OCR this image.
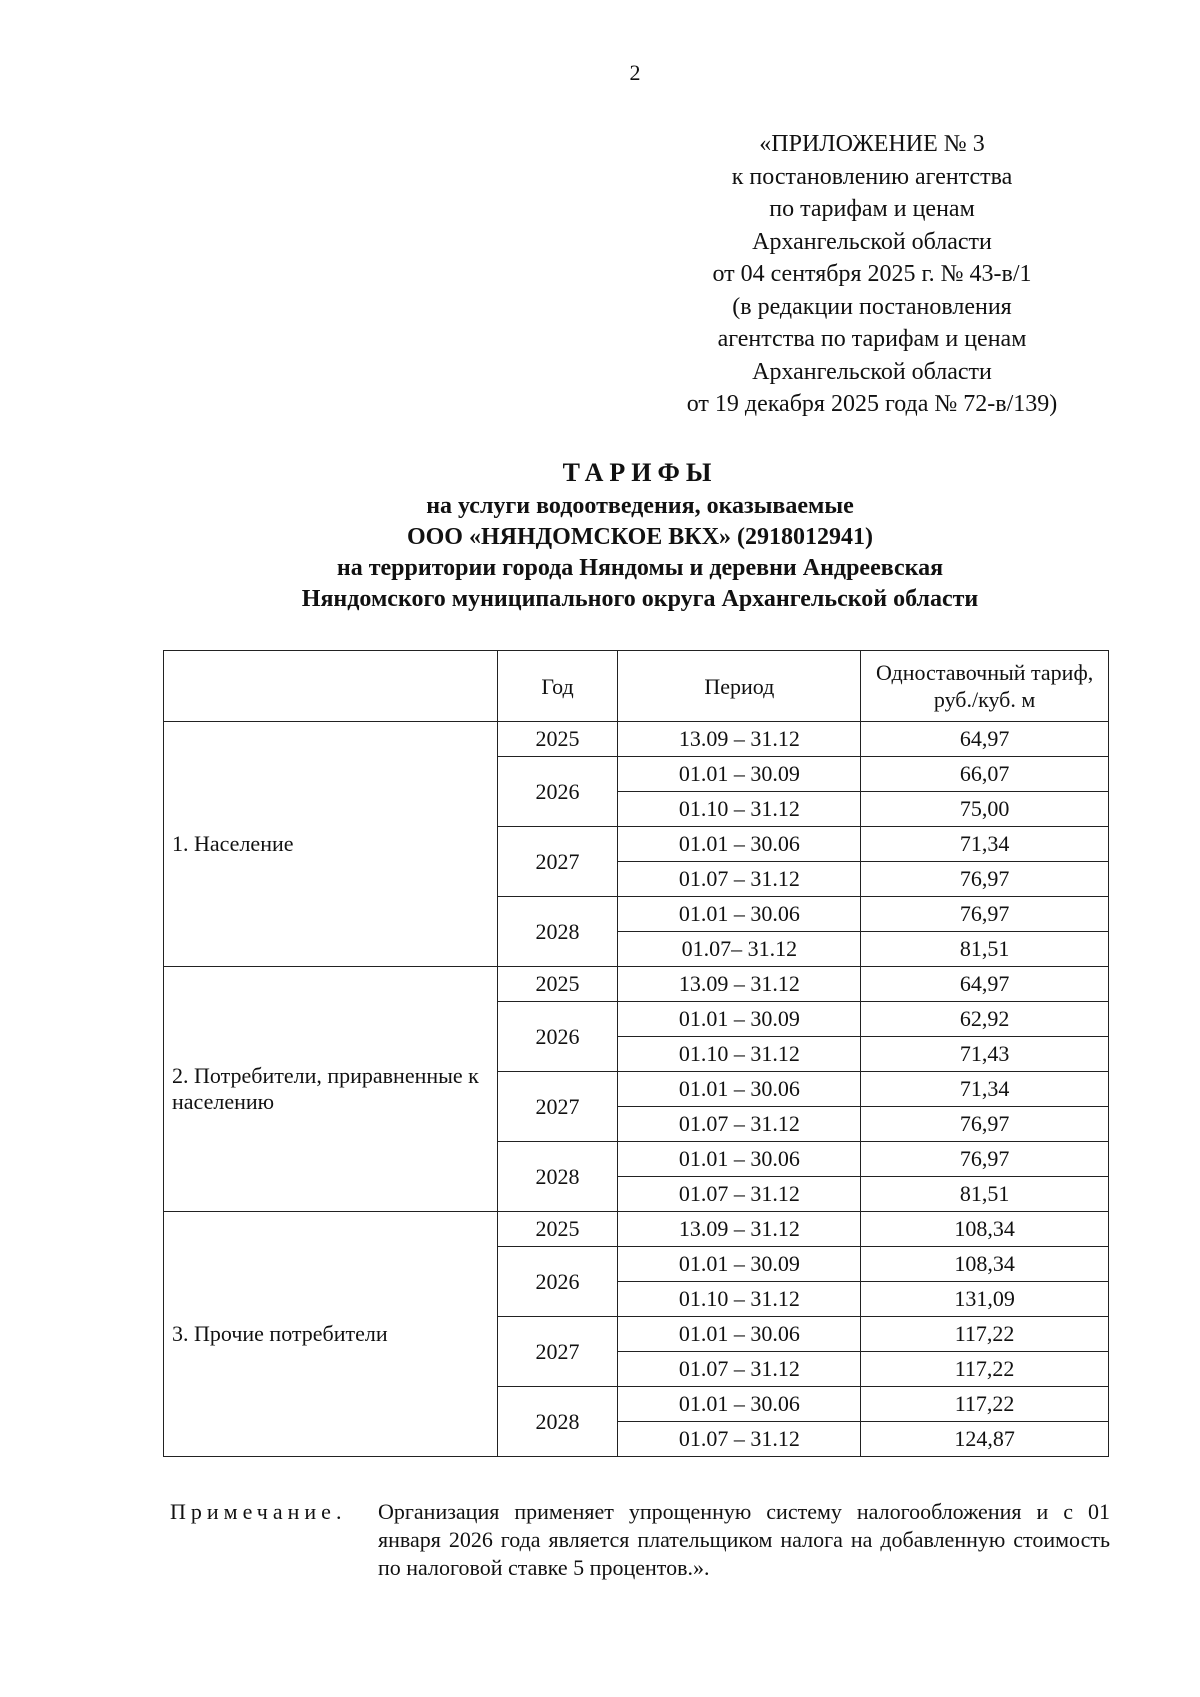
2
«ПРИЛОЖЕНИЕ № 3
к постановлению агентства
по тарифам и ценам
Архангельской области
от 04 сентября 2025 г. № 43-в/1
(в редакции постановления
агентства по тарифам и ценам
Архангельской области
от 19 декабря 2025 года № 72-в/139)
ТАРИФЫ
на услуги водоотведения, оказываемые
ООО «НЯНДОМСКОЕ ВКХ» (2918012941)
на территории города Няндомы и деревни Андреевская
Няндомского муниципального округа Архангельской области
	Год	Период	Одноставочный тариф, руб./куб. м
1. Население	2025	13.09 – 31.12	64,97
	2026	01.01 – 30.09	66,07
		01.10 – 31.12	75,00
	2027	01.01 – 30.06	71,34
		01.07 – 31.12	76,97
	2028	01.01 – 30.06	76,97
		01.07– 31.12	81,51
2. Потребители, приравненные к населению	2025	13.09 – 31.12	64,97
	2026	01.01 – 30.09	62,92
		01.10 – 31.12	71,43
	2027	01.01 – 30.06	71,34
		01.07 – 31.12	76,97
	2028	01.01 – 30.06	76,97
		01.07 – 31.12	81,51
3. Прочие потребители	2025	13.09 – 31.12	108,34
	2026	01.01 – 30.09	108,34
		01.10 – 31.12	131,09
	2027	01.01 – 30.06	117,22
		01.07 – 31.12	117,22
	2028	01.01 – 30.06	117,22
		01.07 – 31.12	124,87
Примечание. Организация применяет упрощенную систему налогообложения и с 01 января 2026 года является плательщиком налога на добавленную стоимость по налоговой ставке 5 процентов.».
